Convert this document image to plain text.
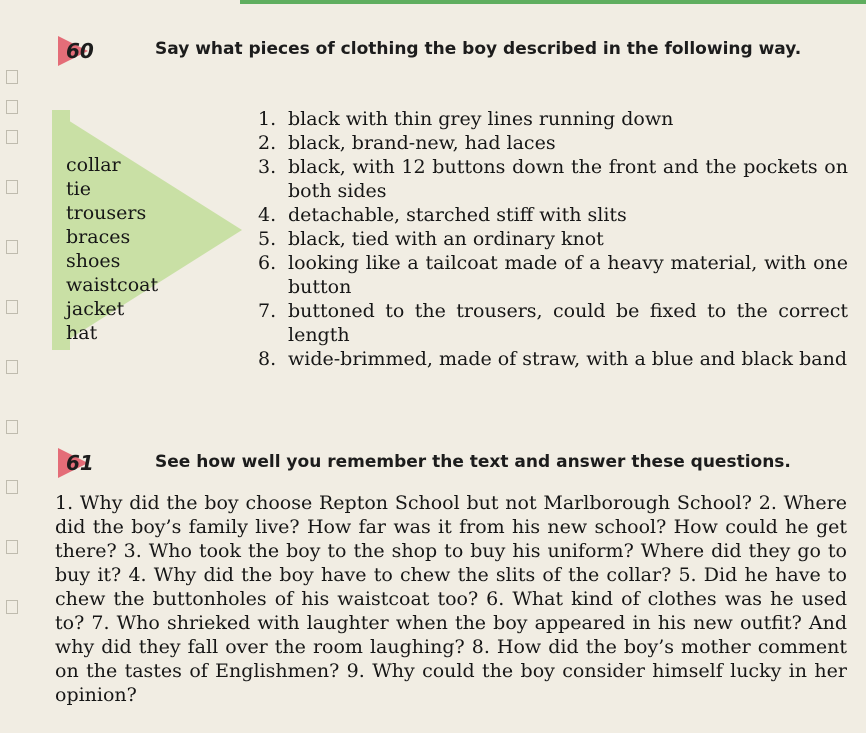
60	Say what pieces of clothing the boy described in the following way.
collar
tie
trousers
braces
shoes
waistcoat
jacket
hat
1. black with thin grey lines running down
2. black, brand-new, had laces
3. black, with 12 buttons down the front and the pockets on both sides
4. detachable, starched stiff with slits
5. black, tied with an ordinary knot
6. looking like a tailcoat made of a heavy material, with one button
7. buttoned to the trousers, could be fixed to the correct length
8. wide-brimmed, made of straw, with a blue and black band
61	See how well you remember the text and answer these questions.
1. Why did the boy choose Repton School but not Marlborough School? 2. Where did the boy’s family live? How far was it from his new school? How could he get there? 3. Who took the boy to the shop to buy his uniform? Where did they go to buy it? 4. Why did the boy have to chew the slits of the collar? 5. Did he have to chew the buttonholes of his waistcoat too? 6. What kind of clothes was he used to? 7. Who shrieked with laughter when the boy appeared in his new outfit? And why did they fall over the room laughing? 8. How did the boy’s mother comment on the tastes of Englishmen? 9. Why could the boy consider himself lucky in her opinion?
